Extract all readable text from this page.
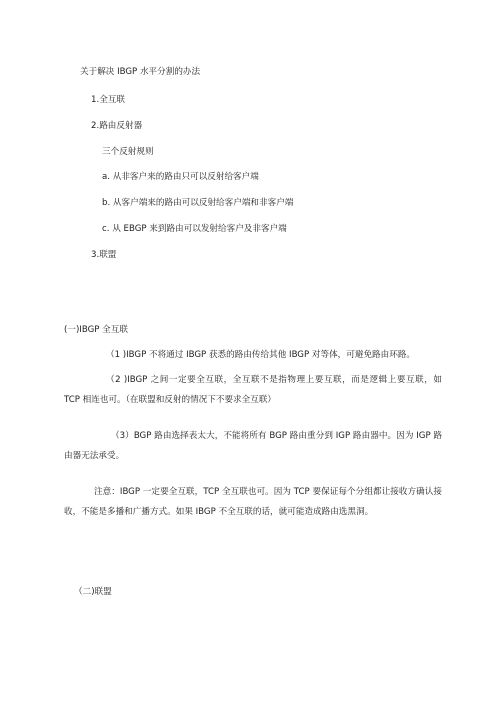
关于解决 IBGP 水平分割的办法

1.全互联

2.路由反射器

三个反射规则

a. 从非客户来的路由只可以反射给客户端

b. 从客户端来的路由可以反射给客户端和非客户端

c. 从 EBGP 来到路由可以发射给客户及非客户端

3.联盟

(一)IBGP 全互联

（1 )IBGP 不将通过 IBGP 获悉的路由传给其他 IBGP 对等体，可避免路由环路。

（2 )IBGP 之间一定要全互联，全互联不是指物理上要互联，而是逻辑上要互联，如 TCP 相连也可。（在联盟和反射的情况下不要求全互联）
（3）BGP 路由选择表太大，不能将所有 BGP 路由重分到 IGP 路由器中。因为 IGP 路由器无法承受。
注意：IBGP 一定要全互联，TCP 全互联也可。因为 TCP 要保证每个分组都让接收方确认接收，不能是多播和广播方式。如果 IBGP 不全互联的话，就可能造成路由选黑洞。

（二)联盟
